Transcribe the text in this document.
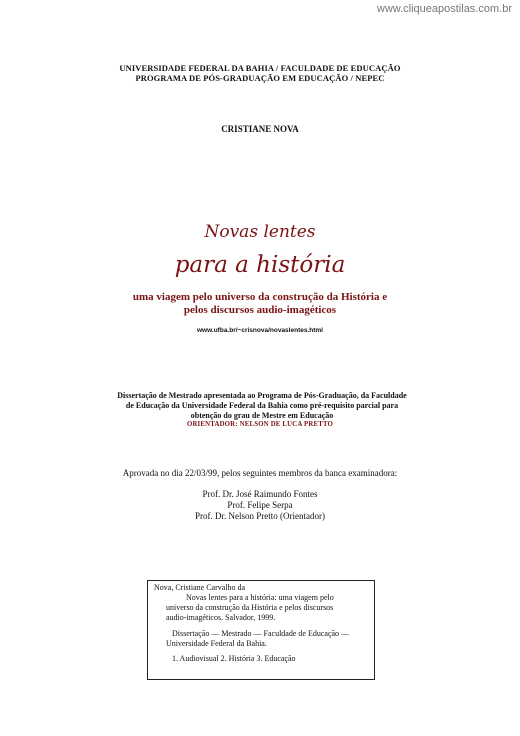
www.cliqueapostilas.com.br
UNIVERSIDADE FEDERAL DA BAHIA / FACULDADE DE EDUCAÇÃO
PROGRAMA DE PÓS-GRADUAÇÃO EM EDUCAÇÃO / NEPEC
CRISTIANE NOVA
Novas lentes
para a história
uma viagem pelo universo da construção da História e
pelos discursos audio-imagéticos
www.ufba.br/~crisnova/novaslentes.html
Dissertação de Mestrado apresentada ao Programa de Pós-Graduação, da Faculdade
de Educação da Universidade Federal da Bahia como pré-requisito parcial para
obtenção do grau de Mestre em Educação
ORIENTADOR: NELSON DE LUCA PRETTO
Aprovada no dia 22/03/99, pelos seguintes membros da banca examinadora:
Prof. Dr. José Raimundo Fontes
Prof. Felipe Serpa
Prof. Dr. Nelson Pretto (Orientador)
Nova, Cristiane Carvalho da
Novas lentes para a história: uma viagem pelo
universo da construção da História e pelos discursos
audio-imagéticos. Salvador, 1999.
Dissertação — Mestrado — Faculdade de Educação —
Universidade Federal da Bahia.
1. Audiovisual 2. História 3. Educação
